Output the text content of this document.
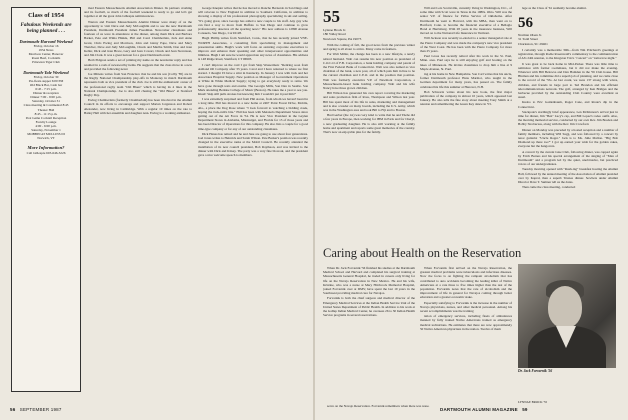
Class of 1954
Fabulous Weekends are being planned . . .
Dartmouth-Harvard Weekend
Friday, October 16
1954 News
Morrison Center, Hanover
Roast Beef, Cocktails
Princeton Tiger Club
Dartmouth-Yale Weekend
Friday, October 30
Pre-fiesta supper 6:00 PM
Old Black Bar, Cash bar
6:45 - 7:15 p.m.
Dinner & reception
Dinner 7:00 - 9:00 p.m.
Saturday, October 31
Class meeting & Continental 8:45
Theater Hall
8:45 - 11:15 p.m.
Post Game Cocktail Reception
Faculty Lounge
4:00 - 6:00 p.m.
Saturday, November 1
MOBBIN AT MULLINS III
Norwich, VT
More Information?
Call Gillespie 603-646-3226

mad Eastern Massachusetts Alumni Association Dinner. Its partners crashing and its football, so much of the football weekend is ready to go and let's get together at all the great John Gillespie reminiscences.

Warren and Eastern Massachusetts Alumni Dinner were many of us the opportunity to visit Dave and Judy McLaughlin and to see the new Dartmouth President, Dartmouth President James Freedman. Newcomer classmates and fourteen of us were in attendance at the dinner, among them Dick and Barbara Barker, Pete and Wima Hinkle, Phil and Carol Chamberlain, Jack and Anne Grant, Chris Ewing and Morrison, John and Ginny Pape, Dave and Mary Thatcher, Dave and Judy McLaughlin, Chuck and Martha Smith, Don and Jean Keller, Dick and Jean Brace, Gary and Jean Cowart, Chuck and Jean Stevenson, and Jim Clark. It was a great turnout for a great Dartmouth event.

Herb Pidgeon sends a set of printing my name on the newsletter reply and has resulted in a rash of newsworthy items. He suggests that the class move in a new and provided the following news:

Joe Mittens writes from San Francisco that he and his son (Colby '85) are in the Rugby National Championship play-offs in Monterey in match Dartmouth represents both as vice president of the club. Joe is still the enthusiastic owner of the professional rugby team "Old Blues" which is having its 4 lines in the National Championship. Joe is also still chasing the "Old Blues" at Stanford Rugby Day.

Ewing Chamberlain (formerly Chamberlain) has been involved in the Alumni Council in its efforts to encourage and support Marian Jorgenson and Robert Alexander, now living in Cambridge. With a regular 10 times on the rate to Bailey Hall with her ensemble and daughter Ann. Ewing is a working enthusiast.

George Knepler writes that he has moved to Rancho Bernardo in San Diego and will relocate to New England in addition to Southern California, in addition to showing a display of his professional photography specializing in ski and sailing. "It's going great, since George has added a new couple to his staff. Any guy who can find a way to move from Buffalo to San Diego and continue to grow professionally deserves all the sporting news." His new address is 12890 Avenue Consuelo, San Diego, CA 92128.

Hugh Phillip writes from Stamford, Conn., that he has recently joined VNE-WORTH Associates, a consulting firm specializing in management and presentation skills. Hugh's work will focus on assisting corporate executives to improve and enhance their speaking and other interpersonal opportunities and limitless. Hugh I am sure he would appreciate any news of classmates. His address is 148 Ridge Road, Stamford, CT 06903.

I can't improve on the card I got from Skip Wasserman: "Retiring soon from Ashland Oil Company after 33 years. Carol and I have returned to where we first started. I thought I'd have a stint in Kentucky. In January I was with Jack and her Associates Hospital Supply. New position as Manager of Government Operations at White & White Medical Supply; trying to get everybody ready to retire. We have gone through tests and exams. The Georgia Mills, Son Dan in Seattle. Son Mark attending Berklee College of Music (Boston). He takes me a year to see you. Kiuzi! Skip still pulls strokes but knowing him I wouldn't put it past him!"

I was extremely surprised and from Phil Aaron, from whom we haven't heard in a long time. Phil has moved to a new home at 2467 Point Forest Drive, Mobile, Ala., a place the Dog Rose where "I look forward to watching a bidding creek, hoping the Jack-rum's bite." Phil has been with Metanola Department Stores since getting out of the Air Force in '54. He is now Vice President in the Gaylen Department Stores in Alabama, Mississippi, and Florida for 13 of those years and has been Director of Operations for this company. He also lists a couple for a good time-type company or for any of our outstanding classmates.

Dick Hanes has retired and he and Jane are going to use about four generations. Joel Jones writes to Heinrick and Sarah Wilson. Pete Barker's position was recently changed in the executive ranks at the Mobil Council. He recently attended the installation of its new council president, Bob Raytheon, and was invited to the dinner with Dick and Kitsey. The party was a very fine blowout, and the president gave a nice welcome speech to members.

56 SEPTEMBER 1987
55
Lynnae Brock Jr.
180 Valley Road
Newtown Square, PA 19073

With the coming of fall, the good news from the previous winter and spring is all about to arrive. Many come in feathers.

For Walt Millar, the change has been to a new lifestyle, a newly retired husband. Walt can resume his new position as president of C.O.C.O of F.B. Corporation, a bank holding company and parent of the First Federal Bank of Connecticut. Walt was also named as vice chairman of the bank, a new post, all of which puts him in line to be the current chairman and C.E.O. and in the position that position. Walt was formerly executive V.P. of Newmont Corporation, a Massachusetts-based bank holding company. Walt and his wife Nancy have three grown children.

Bill Wilson has generated his own report covering the marketing and sales promotion firm of Ross, Thompson and Wilson last year. Bill has spent most of his life in sales, marketing and management and is also a leader on many boards, including the U.S. Army, which was in the Washington area and took Bill to Fiji and to Boston.

Bud Gerber (the 1st) was very kind to write that he and Thebe did a few years in Europe, then working for IBM in Paris and for Cheryl, a new graduating daughter. He is also still working at the family home and apartment and reports some great memories of the country. That's now an enjoyable plus for the family.

Will and Lois Scottsville, currently living in Washington, D.C., of some time with Scott were in Texas in the 1980s. Ohio. Will was the senior V.P. of finance for Pallas Service of Oklahoma. After Dartmouth he went to Harvard, with his MBA, then went on to Hartford, Conn. to become the financial executive of a Bellagio Hotel at Harrisburg. With 28 years in the insurance business, Will moved on to the National Life Insurance in Vermont.

Will Jackson was recently re-elected to a senior managerial role at the Pierre Company and was made the company's new vice president of the West Coast. He has been with the Pierre Company for more than 25 years.

Paul Gross has recently retired after his work in the St. Paul, Minn. area. Paul says he is still enjoying golf and boating on the lakes of Minnesota. He invites classmates to drop him a line at 9 Maple Avenue, St. Paul.

ing at his home in New Hampshire. Son Carl writes that his uncle, former Dartmouth professor Hans Marmot, who taught in the German department for many years, has passed on. The family celebrated his life this summer at Hanover, N.H.

Bob Schwartz writes about his new book, the first major publication of the company in almost 10 years, which appeared last January. He also tells the fine story about meeting Tony Smith at a reunion and remembering the Green Key dance in '53.

lege as the Class of '61 suddenly became alumni.

56
Norman Olsen Jr.
31 Todd Street
Charleston, SC 29401

I certainly was a memorable 30th—from Tim Pritchard's greetings at registration, through Rodie Rosenwald's commentary to the communication of Al's 24th reunion, to the Kingston Trio's "concert" on "tomorrow night."

It was great to be back home in Mid-Parker. There was little time to reminisce with former roommates, but it did not make the evening. Whatever with Bill Belowsa and Dan Hamden in the '56 Club house. Bill Hinman and his committee did a superb job of planning, and we came close to the record of the '55s. At last count, we were 137 strong with wives, children, and friends in large part to Ted Brandon and his efficient telecommunications network. The golf, arranged by Ken Bridges and the barbecue provided by the outstanding Club Country were excellent as usual.

Kudos to Eric Gaidenbaum, Roger Cane, and Rosie's dip in the Connecticut.

Stackpole's startlingly brief appearance, Len McKinnon's arrival just in time for dinner, Jim "Ben" Lucy's cap, and Bill Lopez's rodeo outfit. Also, the morning memorial service, conducted by our own Rev. Jim Bosden and Bobby Strobucass, along with the Rev. Jim Crowford.

Dinner on Monday was preceded by a hosted reception and a number of family members, including Will Sugg, and was followed by a concert by tenor guitarist "Uncle Roger." Jack is to Ms. Julie Mallon. "Big Bob Diamond up there too?" I got up earned your wish for the golden cakes, everyone but the hangovers.

A concert by the current Glee Club, following dinner, was capped again by Erich Barnes and his special arrangement of the singing of "Men of Dartmouth" and a program led by the quiet, unobtrusive, but practiced voices of our undergraduates.

Tuesday morning opened with "Rush-ing" breakfast hosting the Alumni Hall, followed by the annual meeting of the Association of Alumni presided over by Kapral, then a superb Trustee dinner. Sowbers under Alumni Director Dave T. Sumner tell us the dates.

Then came the class meeting, conducted

Caring about Health on the Reservation

When Dr. Jack Forvarnik '56 finished his studies at the Dartmouth Medical School and Harvard and completed his surgical training at Massachusetts General Hospital, he traded in careers only living for life on the Navajo Reservation in New Mexico. He and his wife, Kristine, who was a nurse at Mary Hitchcock Memorial Hospital, joined Forvarnik over at DMS; have spent the last 19 years in the Southwest providing medical care for Navajos.

Forvarnik is both the chief surgeon and medical director of the Emergency Medical Services at the Indian Health Service Unit of the United States Department of Public Health. In addition to his work at the Gallup Indian Medical Center, he oversees 26 to 30 Indian Health Service programs in several reservations.

When Forvarnik first arrived on the Navajo Reservation, the greatest medical problems were tuberculosis and infectious diseases. Now the focus is on fighting the rampant alcoholism that has contributed to auto accidents becoming the leading killer of Native Americans at a rate three to five times higher than the rest of the population. Forvarnik notes that the rate of alcoholism and the improvement of life in general for Navajos coming through better education and a greater economic stake.

Especially satisfying to Forvarnik is the increase in the number of Navajo physicians, nurses, and other medical personnel. Among his recent accomplishments was the training

tation of emergency services, including fleets of ambulances manned by fully trained Native Americans trained as emergency medical technicians. He estimates that there are now approximately 50 Native American physicians in the nation. Twelve of them

Dr. Jack Forvarnik '56
DARTMOUTH ALUMNI MAGAZINE 59

serve on the Navajo Reservation. Forvarnik remembers when there was none.

LYNNAE BROCK '55
